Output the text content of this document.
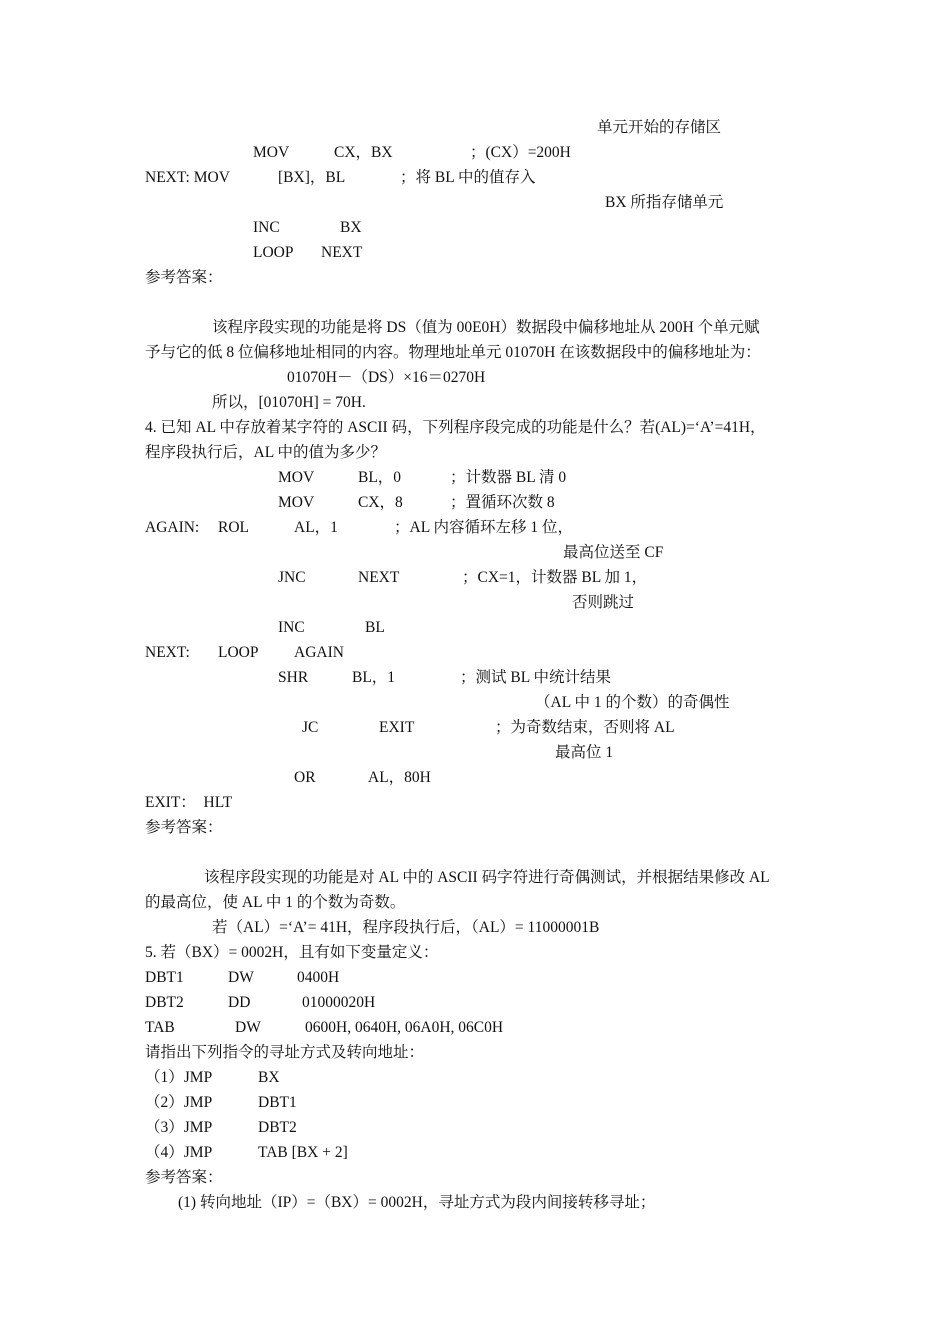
单元开始的存储区
MOV	CX，BX	；(CX）=200H
NEXT: MOV	[BX]，BL	；将 BL 中的值存入
BX 所指存储单元
INC	BX
LOOP NEXT
参考答案：
该程序段实现的功能是将 DS（值为 00E0H）数据段中偏移地址从 200H 个单元赋
予与它的低 8 位偏移地址相同的内容。物理地址单元 01070H 在该数据段中的偏移地址为：
01070H－（DS）×16＝0270H
所以，[01070H] = 70H.
4. 已知 AL 中存放着某字符的 ASCII 码，下列程序段完成的功能是什么？若(AL)=‘A’=41H，
程序段执行后，AL 中的值为多少？
MOV	BL，0	；计数器 BL 清 0
MOV	CX，8	；置循环次数 8
AGAIN: ROL	AL，1	；AL 内容循环左移 1 位，
最高位送至 CF
JNC	NEXT	；CX=1，计数器 BL 加 1，
否则跳过
INC	BL
NEXT: LOOP AGAIN
SHR	BL，1	；测试 BL 中统计结果
（AL 中 1 的个数）的奇偶性
JC	EXIT	；为奇数结束，否则将 AL
最高位 1
OR	AL，80H
EXIT：  HLT
参考答案：
该程序段实现的功能是对 AL 中的 ASCII 码字符进行奇偶测试，并根据结果修改 AL
的最高位，使 AL 中 1 的个数为奇数。
若（AL）=‘A’= 41H，程序段执行后，（AL）= 11000001B
5. 若（BX）= 0002H，且有如下变量定义：
DBT1	DW	0400H
DBT2	DD	01000020H
TAB	DW	0600H, 0640H, 06A0H, 06C0H
请指出下列指令的寻址方式及转向地址：
（1）JMP	BX
（2）JMP	DBT1
（3）JMP	DBT2
（4）JMP	TAB [BX + 2]
参考答案：
(1) 转向地址（IP）=（BX）= 0002H，寻址方式为段内间接转移寻址；
